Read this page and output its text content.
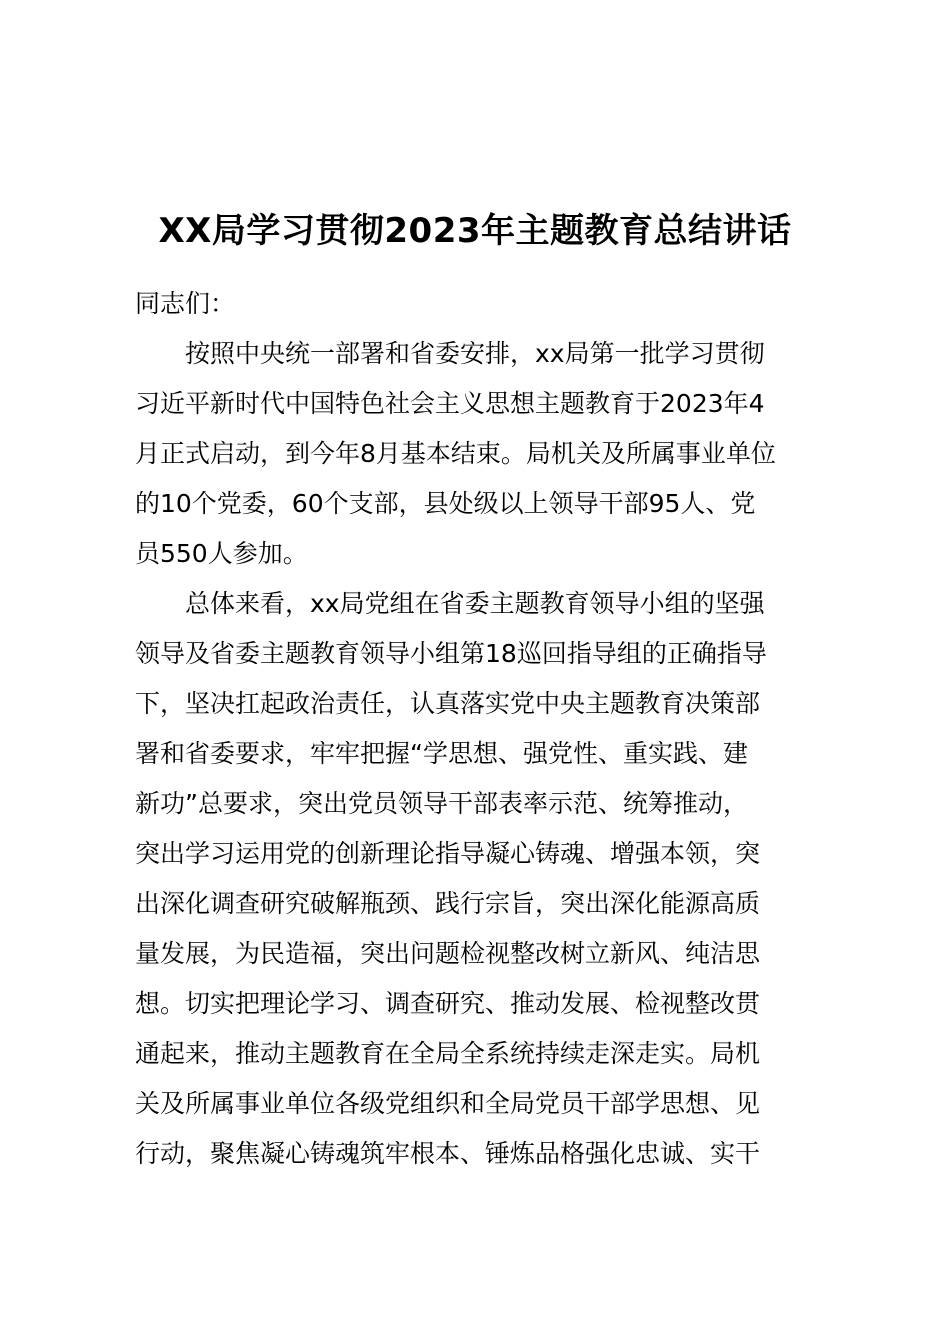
XX局学习贯彻2023年主题教育总结讲话

同志们：

按照中央统一部署和省委安排，xx局第一批学习贯彻

习近平新时代中国特色社会主义思想主题教育于2023年4

月正式启动，到今年8月基本结束。局机关及所属事业单位

的10个党委，60个支部，县处级以上领导干部95人、党

员550人参加。

总体来看，xx局党组在省委主题教育领导小组的坚强

领导及省委主题教育领导小组第18巡回指导组的正确指导

下，坚决扛起政治责任，认真落实党中央主题教育决策部

署和省委要求，牢牢把握“学思想、强党性、重实践、建

新功”总要求，突出党员领导干部表率示范、统筹推动，

突出学习运用党的创新理论指导凝心铸魂、增强本领，突

出深化调查研究破解瓶颈、践行宗旨，突出深化能源高质

量发展，为民造福，突出问题检视整改树立新风、纯洁思

想。切实把理论学习、调查研究、推动发展、检视整改贯

通起来，推动主题教育在全局全系统持续走深走实。局机

关及所属事业单位各级党组织和全局党员干部学思想、见

行动，聚焦凝心铸魂筑牢根本、锤炼品格强化忠诚、实干
